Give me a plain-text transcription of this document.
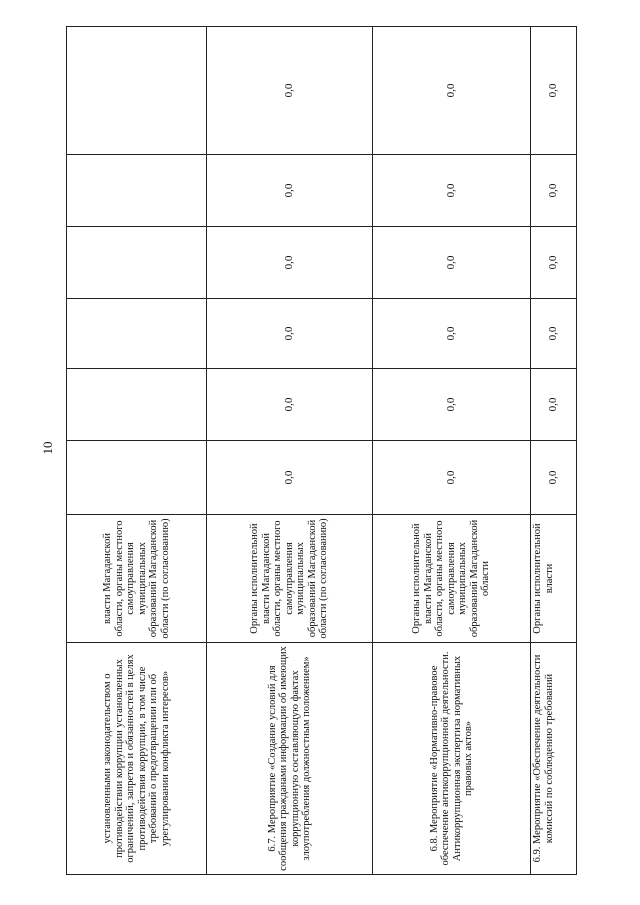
10
установленными законодательством о противодействии коррупции установленных ограничений, запретов и обязанностей в целях противодействия коррупции, в том числе требований о предотвращении или об урегулировании конфликта интересов»	власти Магаданской области, органы местного самоуправления муниципальных образований Магаданской области (по согласованию)						
6.7. Мероприятие «Создание условий для сообщения гражданами информации об имеющих коррупционную составляющую фактах злоупотребления должностным положением»	Органы исполнительной власти Магаданской области, органы местного самоуправления муниципальных образований Магаданской области (по согласованию)	0,0	0,0	0,0	0,0	0,0	0,0
6.8. Мероприятие «Нормативно-правовое обеспечение антикоррупционной деятельности. Антикоррупционная экспертиза нормативных правовых актов»	Органы исполнительной власти Магаданской области, органы местного самоуправления муниципальных образований Магаданской области	0,0	0,0	0,0	0,0	0,0	0,0
6.9. Мероприятие «Обеспечение деятельности комиссий по соблюдению требований	Органы исполнительной власти	0,0	0,0	0,0	0,0	0,0	0,0
